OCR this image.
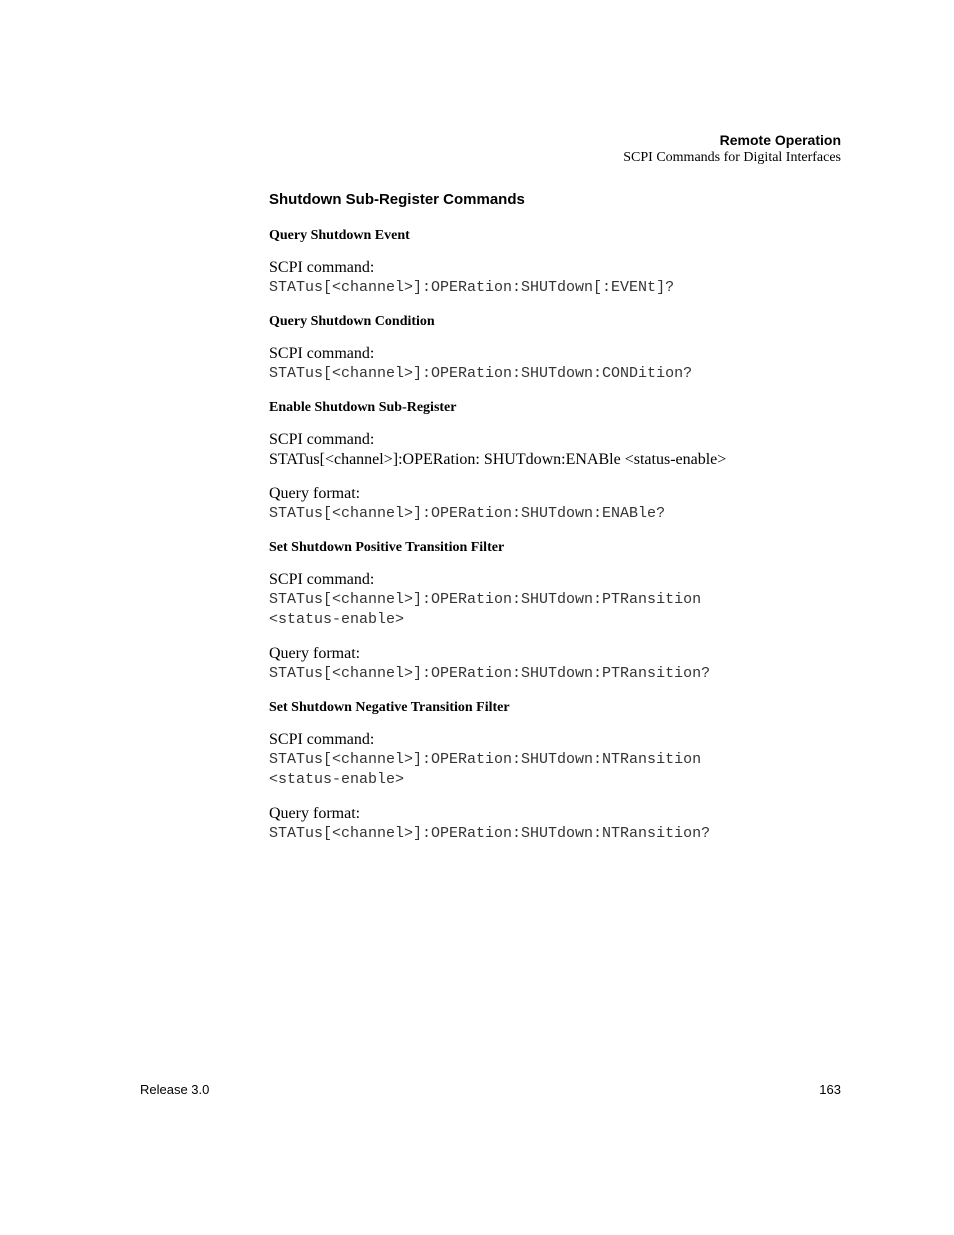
Remote Operation
SCPI Commands for Digital Interfaces
Shutdown Sub-Register Commands
Query Shutdown Event
SCPI command:
STATus[<channel>]:OPERation:SHUTdown[:EVENt]?
Query Shutdown Condition
SCPI command:
STATus[<channel>]:OPERation:SHUTdown:CONDition?
Enable Shutdown Sub-Register
SCPI command:
STATus[<channel>]:OPERation: SHUTdown:ENABle <status-enable>
Query format:
STATus[<channel>]:OPERation:SHUTdown:ENABle?
Set Shutdown Positive Transition Filter
SCPI command:
STATus[<channel>]:OPERation:SHUTdown:PTRansition
<status-enable>
Query format:
STATus[<channel>]:OPERation:SHUTdown:PTRansition?
Set Shutdown Negative Transition Filter
SCPI command:
STATus[<channel>]:OPERation:SHUTdown:NTRansition
<status-enable>
Query format:
STATus[<channel>]:OPERation:SHUTdown:NTRansition?
Release 3.0	163
